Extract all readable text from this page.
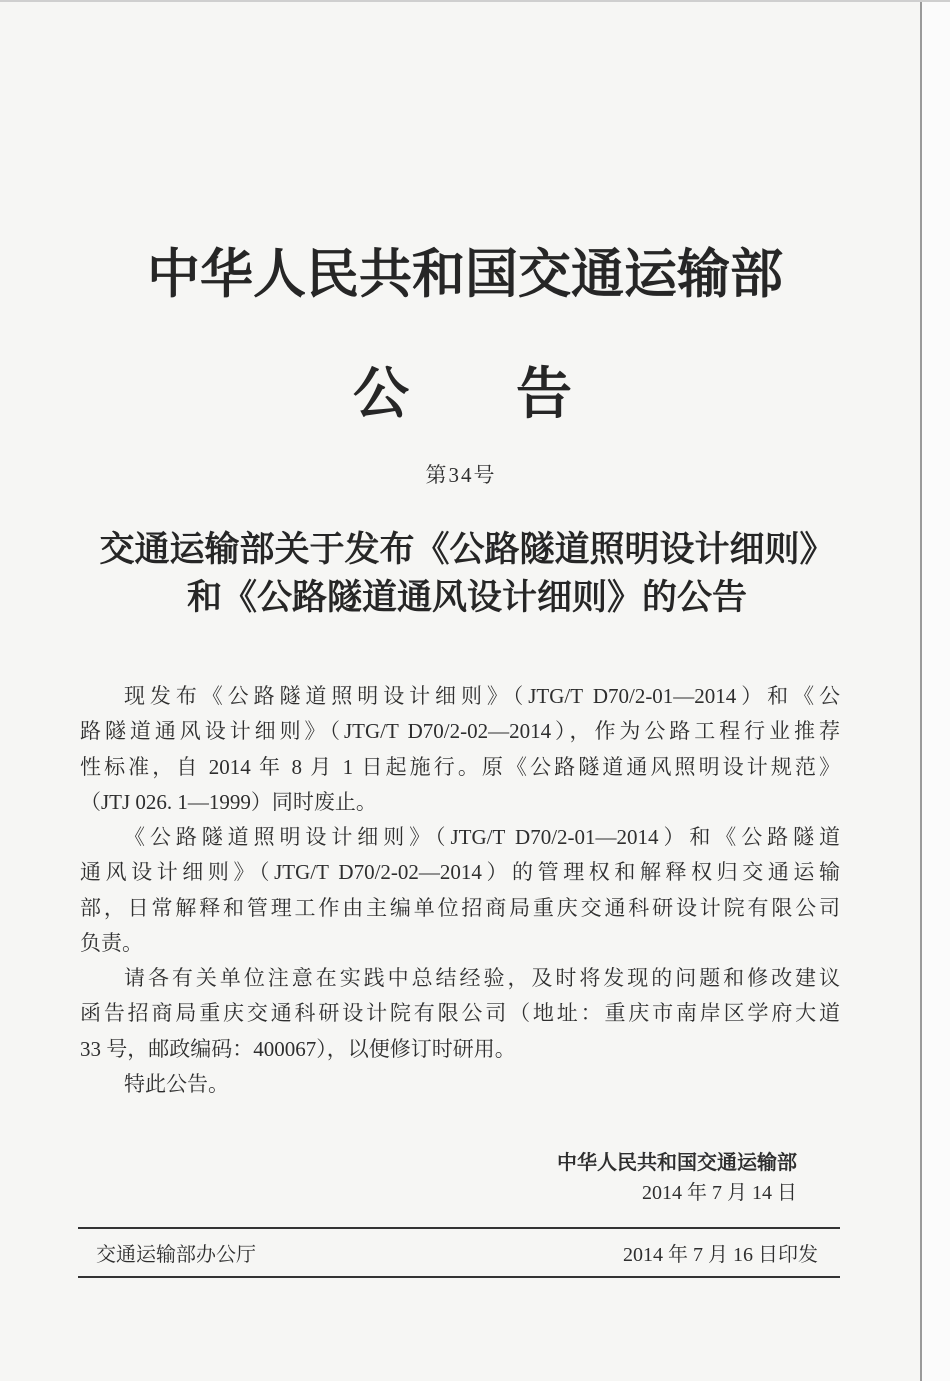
中华人民共和国交通运输部
公 告
第34号
交通运输部关于发布《公路隧道照明设计细则》
和《公路隧道通风设计细则》的公告
现发布《公路隧道照明设计细则》（JTG/T D70/2-01—2014）和《公
路隧道通风设计细则》（JTG/T D70/2-02—2014），作为公路工程行业推荐
性标准，自 2014 年 8 月 1 日起施行。原《公路隧道通风照明设计规范》
（JTJ 026. 1—1999）同时废止。
《公路隧道照明设计细则》（JTG/T D70/2-01—2014）和《公路隧道
通风设计细则》（JTG/T D70/2-02—2014）的管理权和解释权归交通运输
部，日常解释和管理工作由主编单位招商局重庆交通科研设计院有限公司
负责。
请各有关单位注意在实践中总结经验，及时将发现的问题和修改建议
函告招商局重庆交通科研设计院有限公司（地址：重庆市南岸区学府大道
33 号，邮政编码：400067），以便修订时研用。
特此公告。
中华人民共和国交通运输部
2014 年 7 月 14 日
交通运输部办公厅	2014 年 7 月 16 日印发
